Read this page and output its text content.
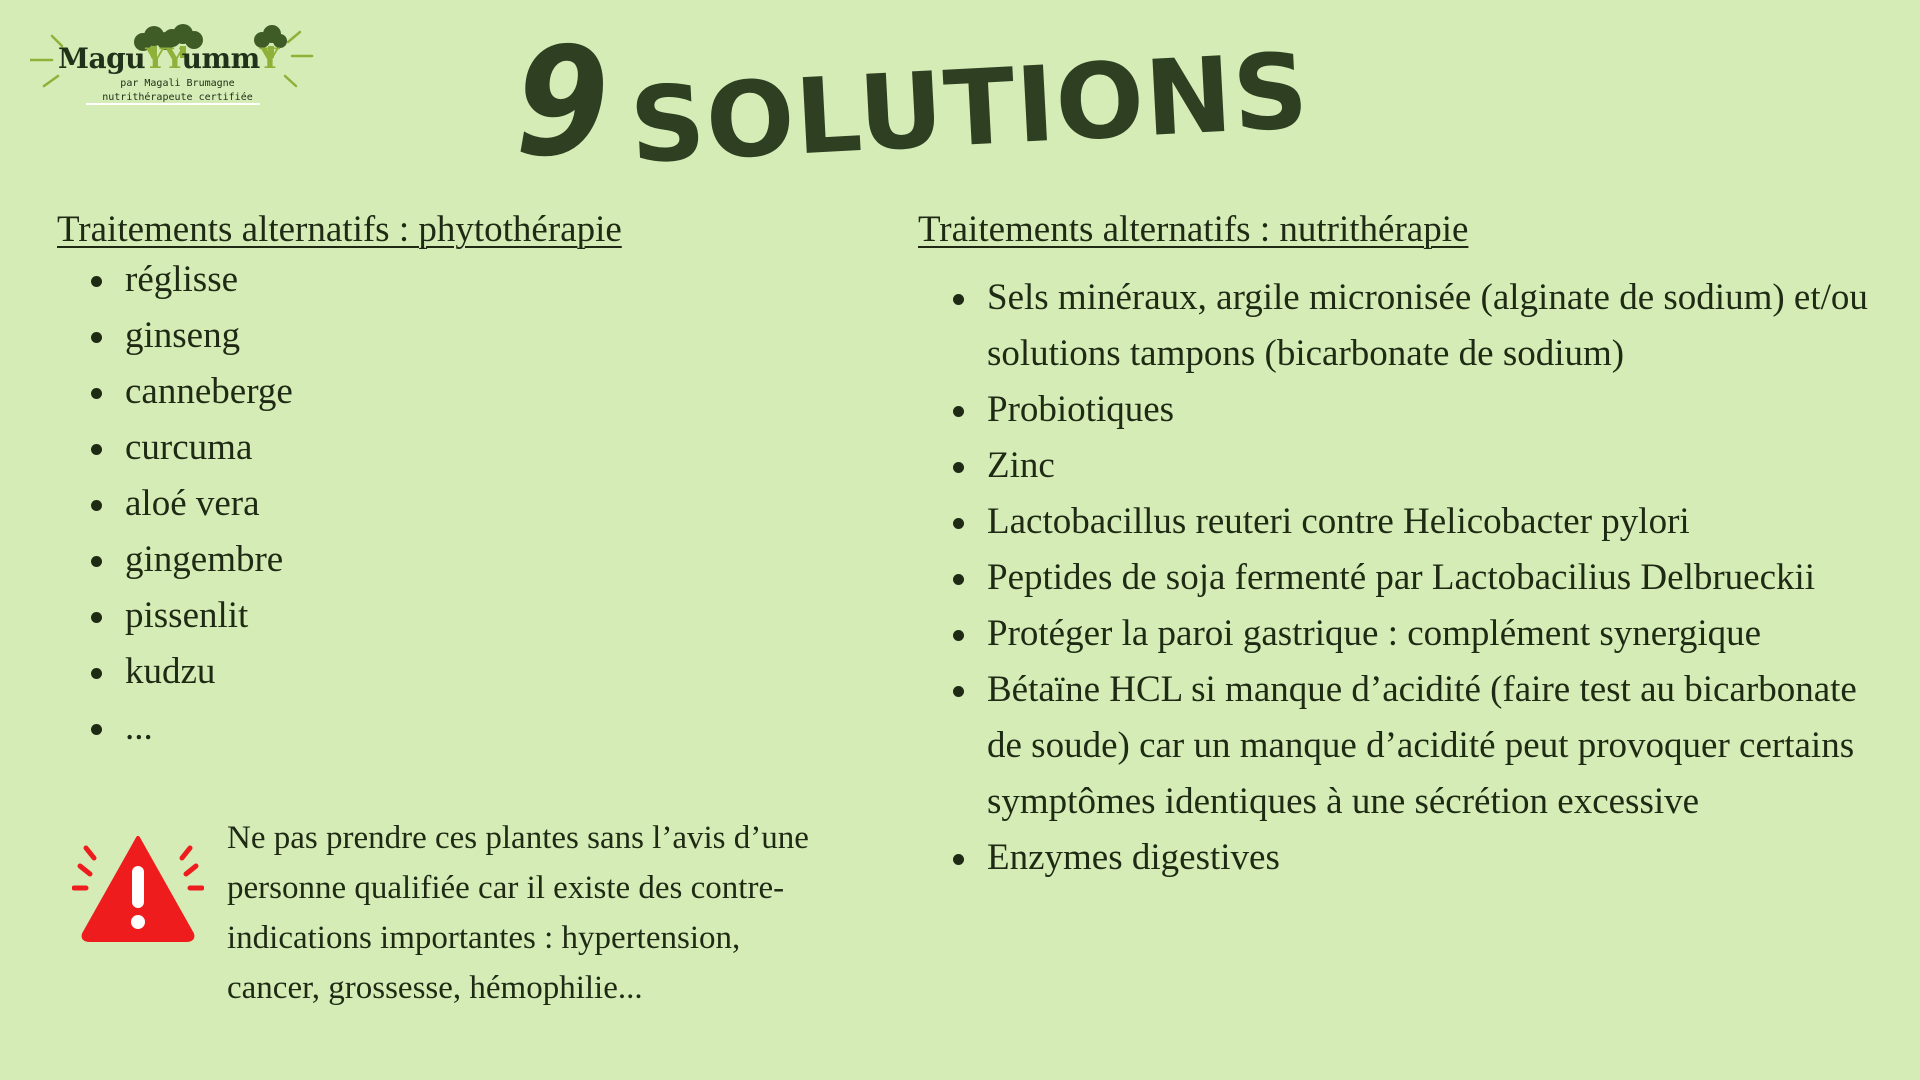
MaguYYummY
par Magali Brumagne
nutrithérapeute certifiée	9 SOLUTIONS
Traitements alternatifs : phytothérapie
réglisse
ginseng
canneberge
curcuma
aloé vera
gingembre
pissenlit
kudzu
...
Ne pas prendre ces plantes sans l’avis d’une personne qualifiée car il existe des contre-indications importantes : hypertension, cancer, grossesse, hémophilie...
Traitements alternatifs : nutrithérapie
Sels minéraux, argile micronisée (alginate de sodium) et/ou solutions tampons (bicarbonate de sodium)
Probiotiques
Zinc
Lactobacillus reuteri contre Helicobacter pylori
Peptides de soja fermenté par Lactobacilius Delbrueckii
Protéger la paroi gastrique : complément synergique
Bétaïne HCL si manque d’acidité (faire test au bicarbonate de soude) car un manque d’acidité peut provoquer certains symptômes identiques à une sécrétion excessive
Enzymes digestives
